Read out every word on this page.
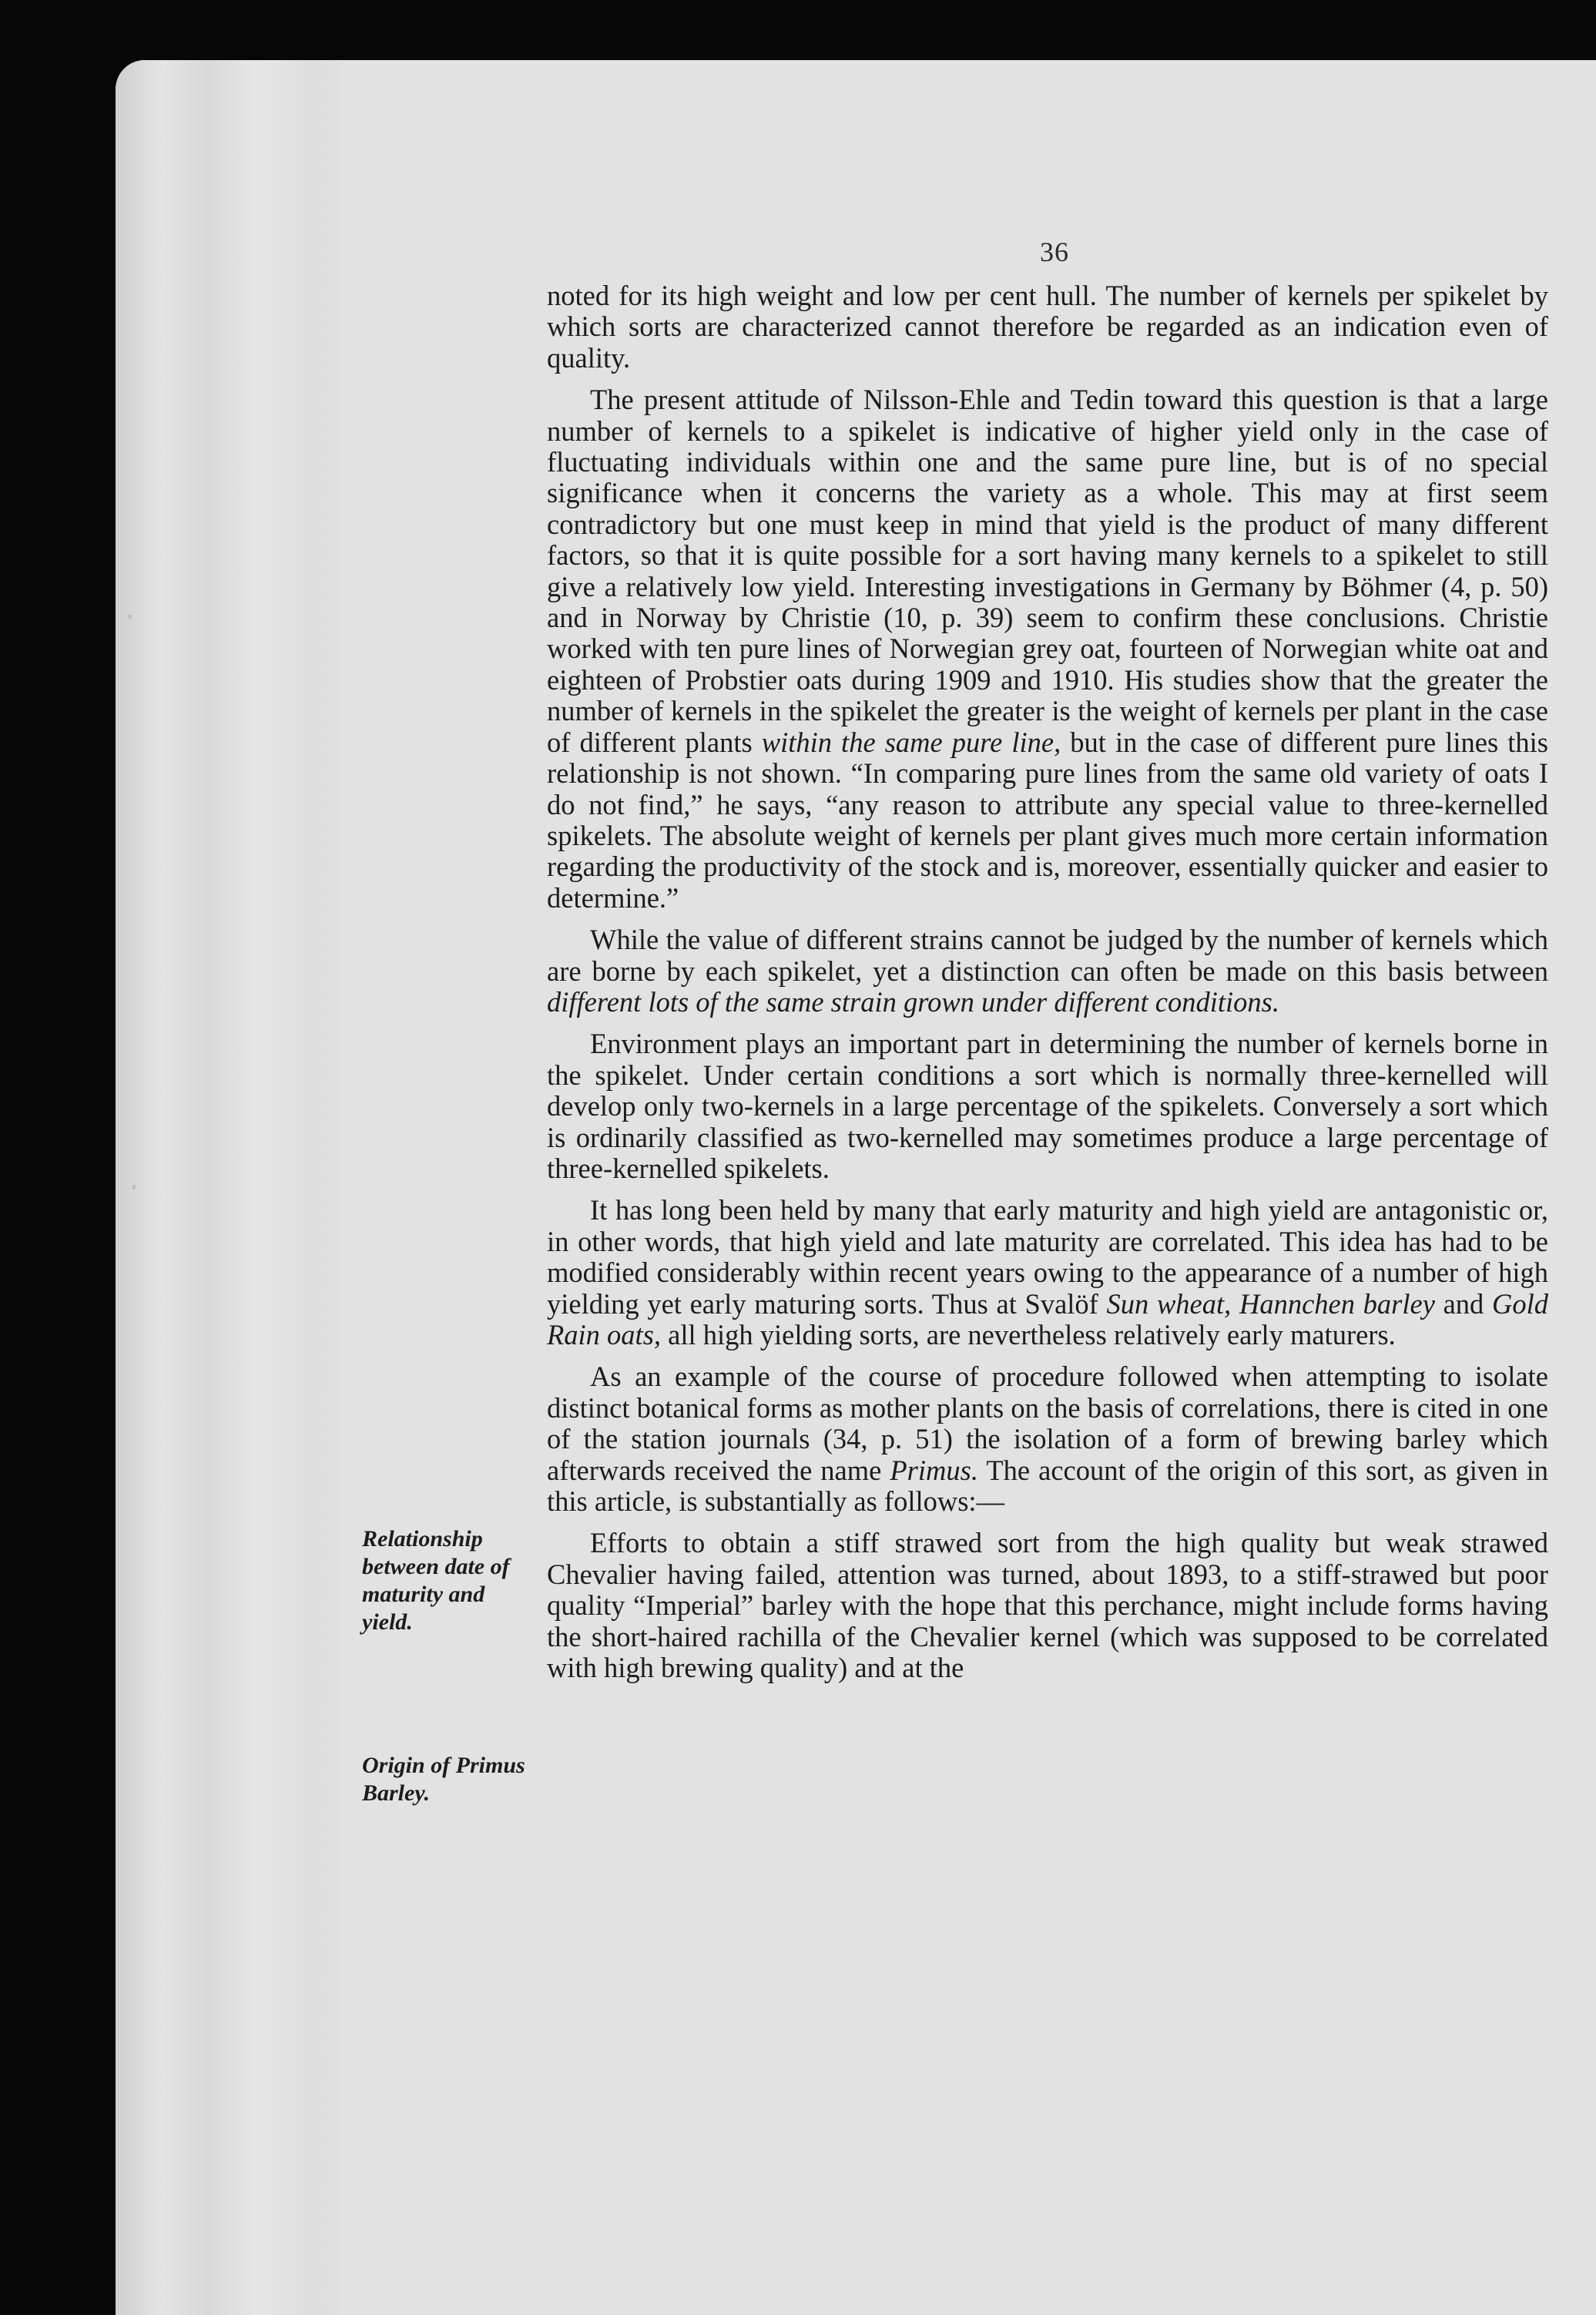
36

noted for its high weight and low per cent hull. The number of kernels per spikelet by which sorts are characterized cannot therefore be regarded as an indication even of quality.

The present attitude of Nilsson-Ehle and Tedin toward this question is that a large number of kernels to a spikelet is indicative of higher yield only in the case of fluctuating individuals within one and the same pure line, but is of no special significance when it concerns the variety as a whole. This may at first seem contradictory but one must keep in mind that yield is the product of many different factors, so that it is quite possible for a sort having many kernels to a spikelet to still give a relatively low yield. Interesting investigations in Germany by Böhmer (4, p. 50) and in Norway by Christie (10, p. 39) seem to confirm these conclusions. Christie worked with ten pure lines of Norwegian grey oat, fourteen of Norwegian white oat and eighteen of Probstier oats during 1909 and 1910. His studies show that the greater the number of kernels in the spikelet the greater is the weight of kernels per plant in the case of different plants within the same pure line, but in the case of different pure lines this relationship is not shown. “In comparing pure lines from the same old variety of oats I do not find,” he says, “any reason to attribute any special value to three-kernelled spikelets. The absolute weight of kernels per plant gives much more certain information regarding the productivity of the stock and is, moreover, essentially quicker and easier to determine.”

While the value of different strains cannot be judged by the number of kernels which are borne by each spikelet, yet a distinction can often be made on this basis between different lots of the same strain grown under different conditions.

Environment plays an important part in determining the number of kernels borne in the spikelet. Under certain conditions a sort which is normally three-kernelled will develop only two-kernels in a large percentage of the spikelets. Conversely a sort which is ordinarily classified as two-kernelled may sometimes produce a large percentage of three-kernelled spikelets.

It has long been held by many that early maturity and high yield are antagonistic or, in other words, that high yield and late maturity are correlated. This idea has had to be modified considerably within recent years owing to the appearance of a number of high yielding yet early maturing sorts. Thus at Svalöf Sun wheat, Hannchen barley and Gold Rain oats, all high yielding sorts, are nevertheless relatively early maturers.

As an example of the course of procedure followed when attempting to isolate distinct botanical forms as mother plants on the basis of correlations, there is cited in one of the station journals (34, p. 51) the isolation of a form of brewing barley which afterwards received the name Primus. The account of the origin of this sort, as given in this article, is substantially as follows:—

Efforts to obtain a stiff strawed sort from the high quality but weak strawed Chevalier having failed, attention was turned, about 1893, to a stiff-strawed but poor quality “Imperial” barley with the hope that this perchance, might include forms having the short-haired rachilla of the Chevalier kernel (which was supposed to be correlated with high brewing quality) and at the

Relationship between date of maturity and yield.
Origin of Primus Barley.
